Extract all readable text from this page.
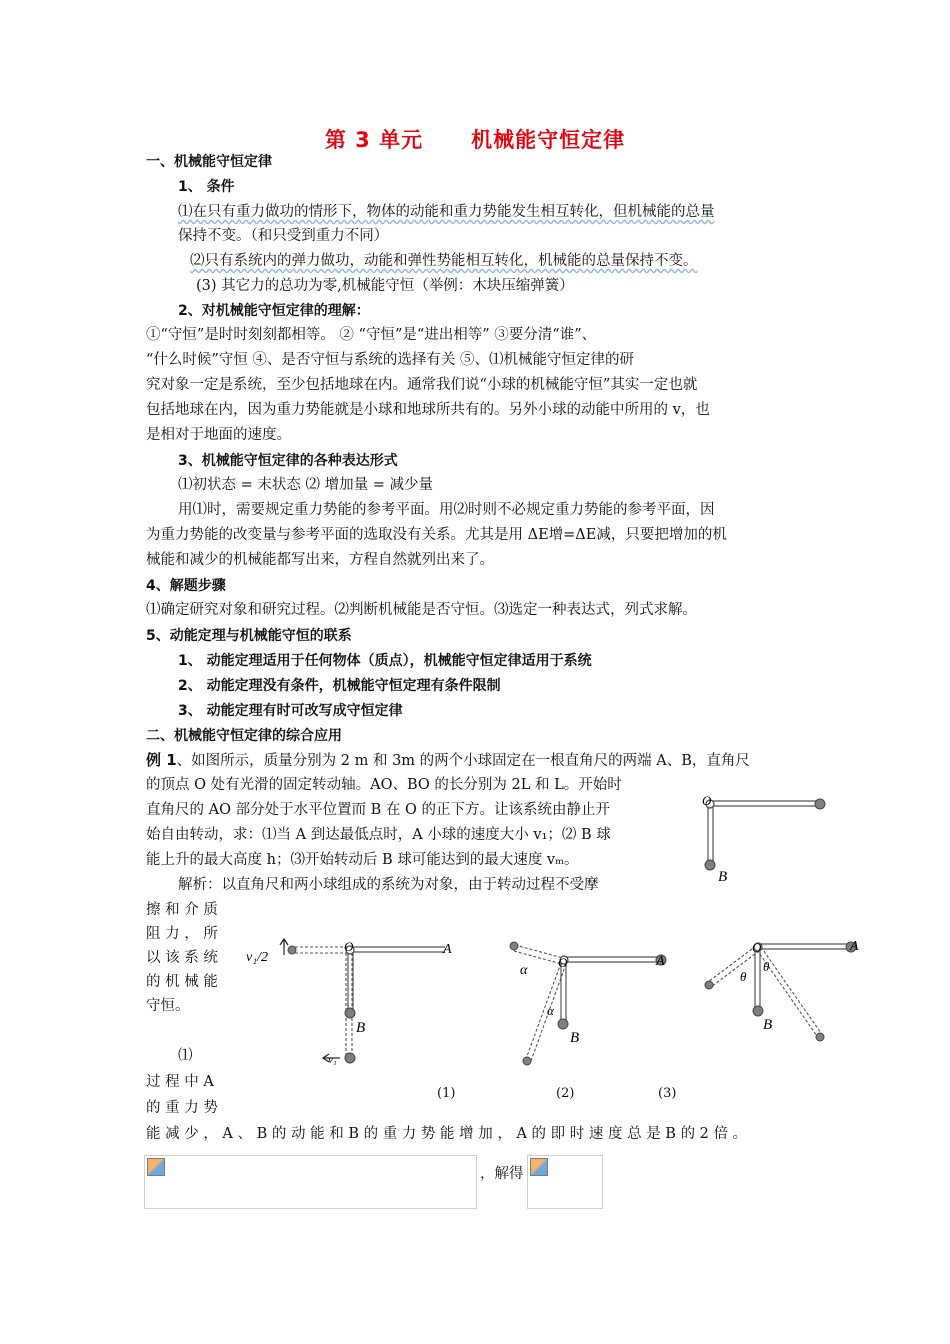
第 3 单元 机械能守恒定律
一、机械能守恒定律
1、 条件
⑴在只有重力做功的情形下，物体的动能和重力势能发生相互转化，但机械能的总量
保持不变。（和只受到重力不同）
⑵只有系统内的弹力做功，动能和弹性势能相互转化，机械能的总量保持不变。
(3) 其它力的总功为零,机械能守恒（举例：木块压缩弹簧）
2、对机械能守恒定律的理解：
①“守恒”是时时刻刻都相等。 ② “守恒”是“进出相等” ③要分清“谁”、
“什么时候”守恒 ④、是否守恒与系统的选择有关 ⑤、⑴机械能守恒定律的研
究对象一定是系统，至少包括地球在内。通常我们说“小球的机械能守恒”其实一定也就
包括地球在内，因为重力势能就是小球和地球所共有的。另外小球的动能中所用的 v，也
是相对于地面的速度。
3、机械能守恒定律的各种表达形式
⑴初状态 = 末状态 ⑵ 增加量 = 减少量
用⑴时，需要规定重力势能的参考平面。用⑵时则不必规定重力势能的参考平面，因
为重力势能的改变量与参考平面的选取没有关系。尤其是用 ΔE增=ΔE减，只要把增加的机
械能和减少的机械能都写出来，方程自然就列出来了。
4、解题步骤
⑴确定研究对象和研究过程。⑵判断机械能是否守恒。⑶选定一种表达式，列式求解。
5、动能定理与机械能守恒的联系
1、 动能定理适用于任何物体（质点），机械能守恒定律适用于系统
2、 动能定理没有条件，机械能守恒定理有条件限制
3、 动能定理有时可改写成守恒定律
二、机械能守恒定律的综合应用
例 1、如图所示，质量分别为 2 m 和 3m 的两个小球固定在一根直角尺的两端 A、B，直角尺
的顶点 O 处有光滑的固定转动轴。AO、BO 的长分别为 2L 和 L。开始时
直角尺的 AO 部分处于水平位置而 B 在 O 的正下方。让该系统由静止开
始自由转动，求：⑴当 A 到达最低点时，A 小球的速度大小 v₁；⑵ B 球
能上升的最大高度 h；⑶开始转动后 B 球可能达到的最大速度 vₘ。
解析：以直角尺和两小球组成的系统为对象，由于转动过程不受摩
擦 和 介 质
阻 力 ， 所
以 该 系 统
的 机 械 能
守恒。
⑴
过 程 中 A
的 重 力 势
能 减 少 ， A 、 B 的 动 能 和 B 的 重 力 势 能 增 加 ， A 的 即 时 速 度 总 是 B 的 2 倍 。
O
B
v₁/2
O	A
B
v₁
(1)
O	A
B
α
α
(2)
O	A
B
θ
θ
(3)
，解得
